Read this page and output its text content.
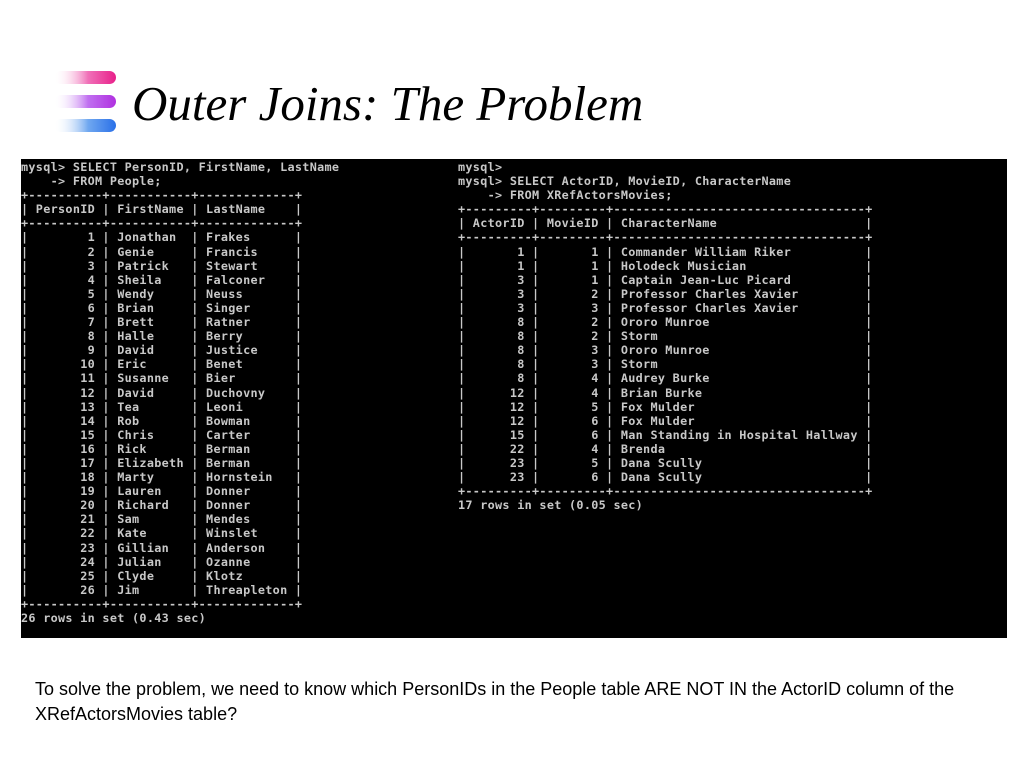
Outer Joins: The Problem
mysql> SELECT PersonID, FirstName, LastName
-> FROM People;
+----------+-----------+-------------+
| PersonID | FirstName | LastName    |
+----------+-----------+-------------+
|        1 | Jonathan  | Frakes      |
|        2 | Genie     | Francis     |
|        3 | Patrick   | Stewart     |
|        4 | Sheila    | Falconer    |
|        5 | Wendy     | Neuss       |
|        6 | Brian     | Singer      |
|        7 | Brett     | Ratner      |
|        8 | Halle     | Berry       |
|        9 | David     | Justice     |
|       10 | Eric      | Benet       |
|       11 | Susanne   | Bier        |
|       12 | David     | Duchovny    |
|       13 | Tea       | Leoni       |
|       14 | Rob       | Bowman      |
|       15 | Chris     | Carter      |
|       16 | Rick      | Berman      |
|       17 | Elizabeth | Berman      |
|       18 | Marty     | Hornstein   |
|       19 | Lauren    | Donner      |
|       20 | Richard   | Donner      |
|       21 | Sam       | Mendes      |
|       22 | Kate      | Winslet     |
|       23 | Gillian   | Anderson    |
|       24 | Julian    | Ozanne      |
|       25 | Clyde     | Klotz       |
|       26 | Jim       | Threapleton |
+----------+-----------+-------------+
26 rows in set (0.43 sec)
mysql>
mysql> SELECT ActorID, MovieID, CharacterName
-> FROM XRefActorsMovies;
+---------+---------+----------------------------------+
| ActorID | MovieID | CharacterName                    |
+---------+---------+----------------------------------+
|       1 |       1 | Commander William Riker          |
|       1 |       1 | Holodeck Musician                |
|       3 |       1 | Captain Jean-Luc Picard          |
|       3 |       2 | Professor Charles Xavier         |
|       3 |       3 | Professor Charles Xavier         |
|       8 |       2 | Ororo Munroe                     |
|       8 |       2 | Storm                            |
|       8 |       3 | Ororo Munroe                     |
|       8 |       3 | Storm                            |
|       8 |       4 | Audrey Burke                     |
|      12 |       4 | Brian Burke                      |
|      12 |       5 | Fox Mulder                       |
|      12 |       6 | Fox Mulder                       |
|      15 |       6 | Man Standing in Hospital Hallway |
|      22 |       4 | Brenda                           |
|      23 |       5 | Dana Scully                      |
|      23 |       6 | Dana Scully                      |
+---------+---------+----------------------------------+
17 rows in set (0.05 sec)
To solve the problem, we need to know which PersonIDs in the People table ARE NOT IN the ActorID column of the XRefActorsMovies table?
